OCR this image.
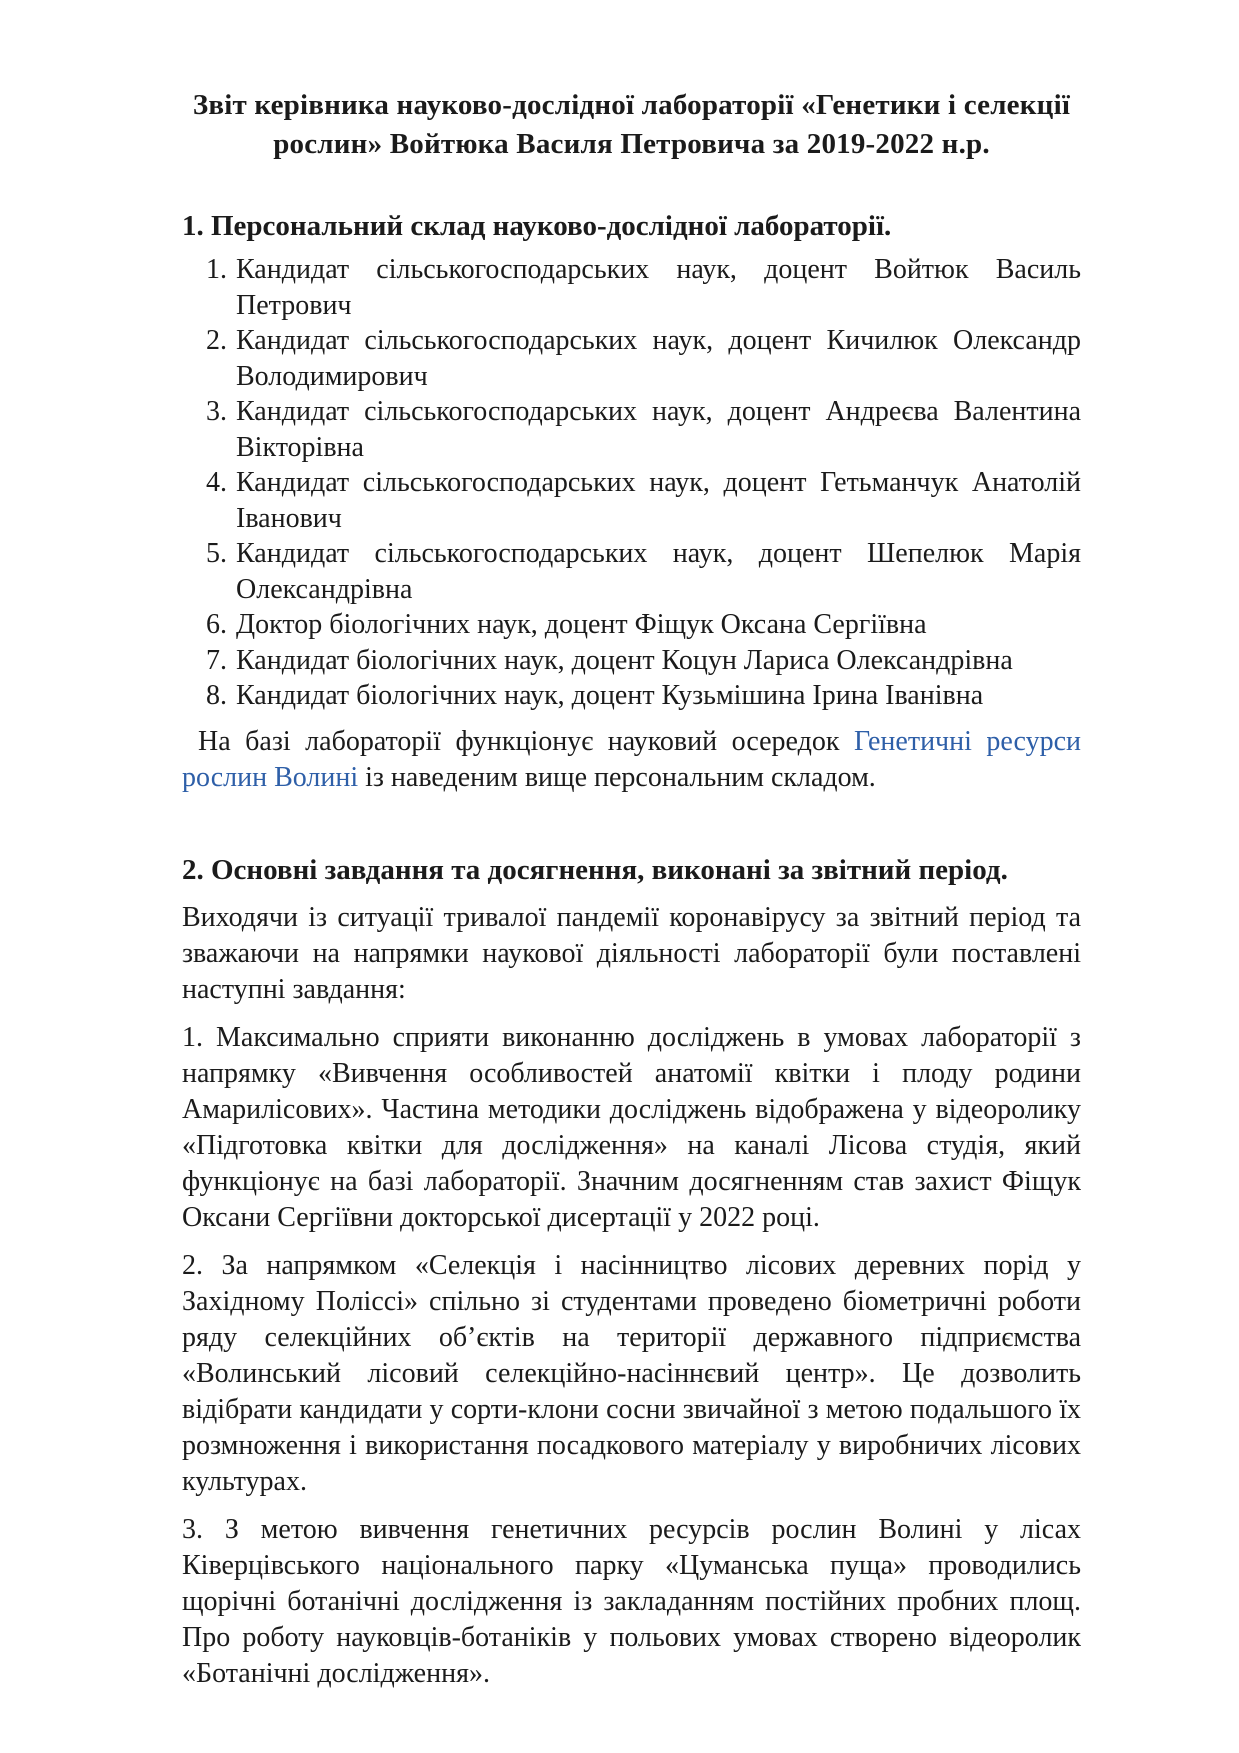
Звіт керівника науково-дослідної лабораторії «Генетики і селекції рослин» Войтюка Василя Петровича за 2019-2022 н.р.
1. Персональний склад науково-дослідної лабораторії.
1. Кандидат сільськогосподарських наук, доцент Войтюк Василь Петрович
2. Кандидат сільськогосподарських наук, доцент Кичилюк Олександр Володимирович
3. Кандидат сільськогосподарських наук, доцент Андреєва Валентина Вікторівна
4. Кандидат сільськогосподарських наук, доцент Гетьманчук Анатолій Іванович
5. Кандидат сільськогосподарських наук, доцент Шепелюк Марія Олександрівна
6. Доктор біологічних наук, доцент Фіщук Оксана Сергіївна
7. Кандидат біологічних наук, доцент Коцун Лариса Олександрівна
8. Кандидат біологічних наук, доцент Кузьмішина Ірина Іванівна

На базі лабораторії функціонує науковий осередок Генетичні ресурси рослин Волині із наведеним вище персональним складом.

2. Основні завдання та досягнення, виконані за звітний період.

Виходячи із ситуації тривалої пандемії коронавірусу за звітний період та зважаючи на напрямки наукової діяльності лабораторії були поставлені наступні завдання:

1. Максимально сприяти виконанню досліджень в умовах лабораторії з напрямку «Вивчення особливостей анатомії квітки і плоду родини Амарилісових». Частина методики досліджень відображена у відеоролику «Підготовка квітки для дослідження» на каналі Лісова студія, який функціонує на базі лабораторії. Значним досягненням став захист Фіщук Оксани Сергіївни докторської дисертації у 2022 році.

2. За напрямком «Селекція і насінництво лісових деревних порід у Західному Поліссі» спільно зі студентами проведено біометричні роботи ряду селекційних об’єктів на території державного підприємства «Волинський лісовий селекційно-насіннєвий центр». Це дозволить відібрати кандидати у сорти-клони сосни звичайної з метою подальшого їх розмноження і використання посадкового матеріалу у виробничих лісових культурах.

3. З метою вивчення генетичних ресурсів рослин Волині у лісах Ківерцівського національного парку «Цуманська пуща» проводились щорічні ботанічні дослідження із закладанням постійних пробних площ. Про роботу науковців-ботаніків у польових умовах створено відеоролик «Ботанічні дослідження».
